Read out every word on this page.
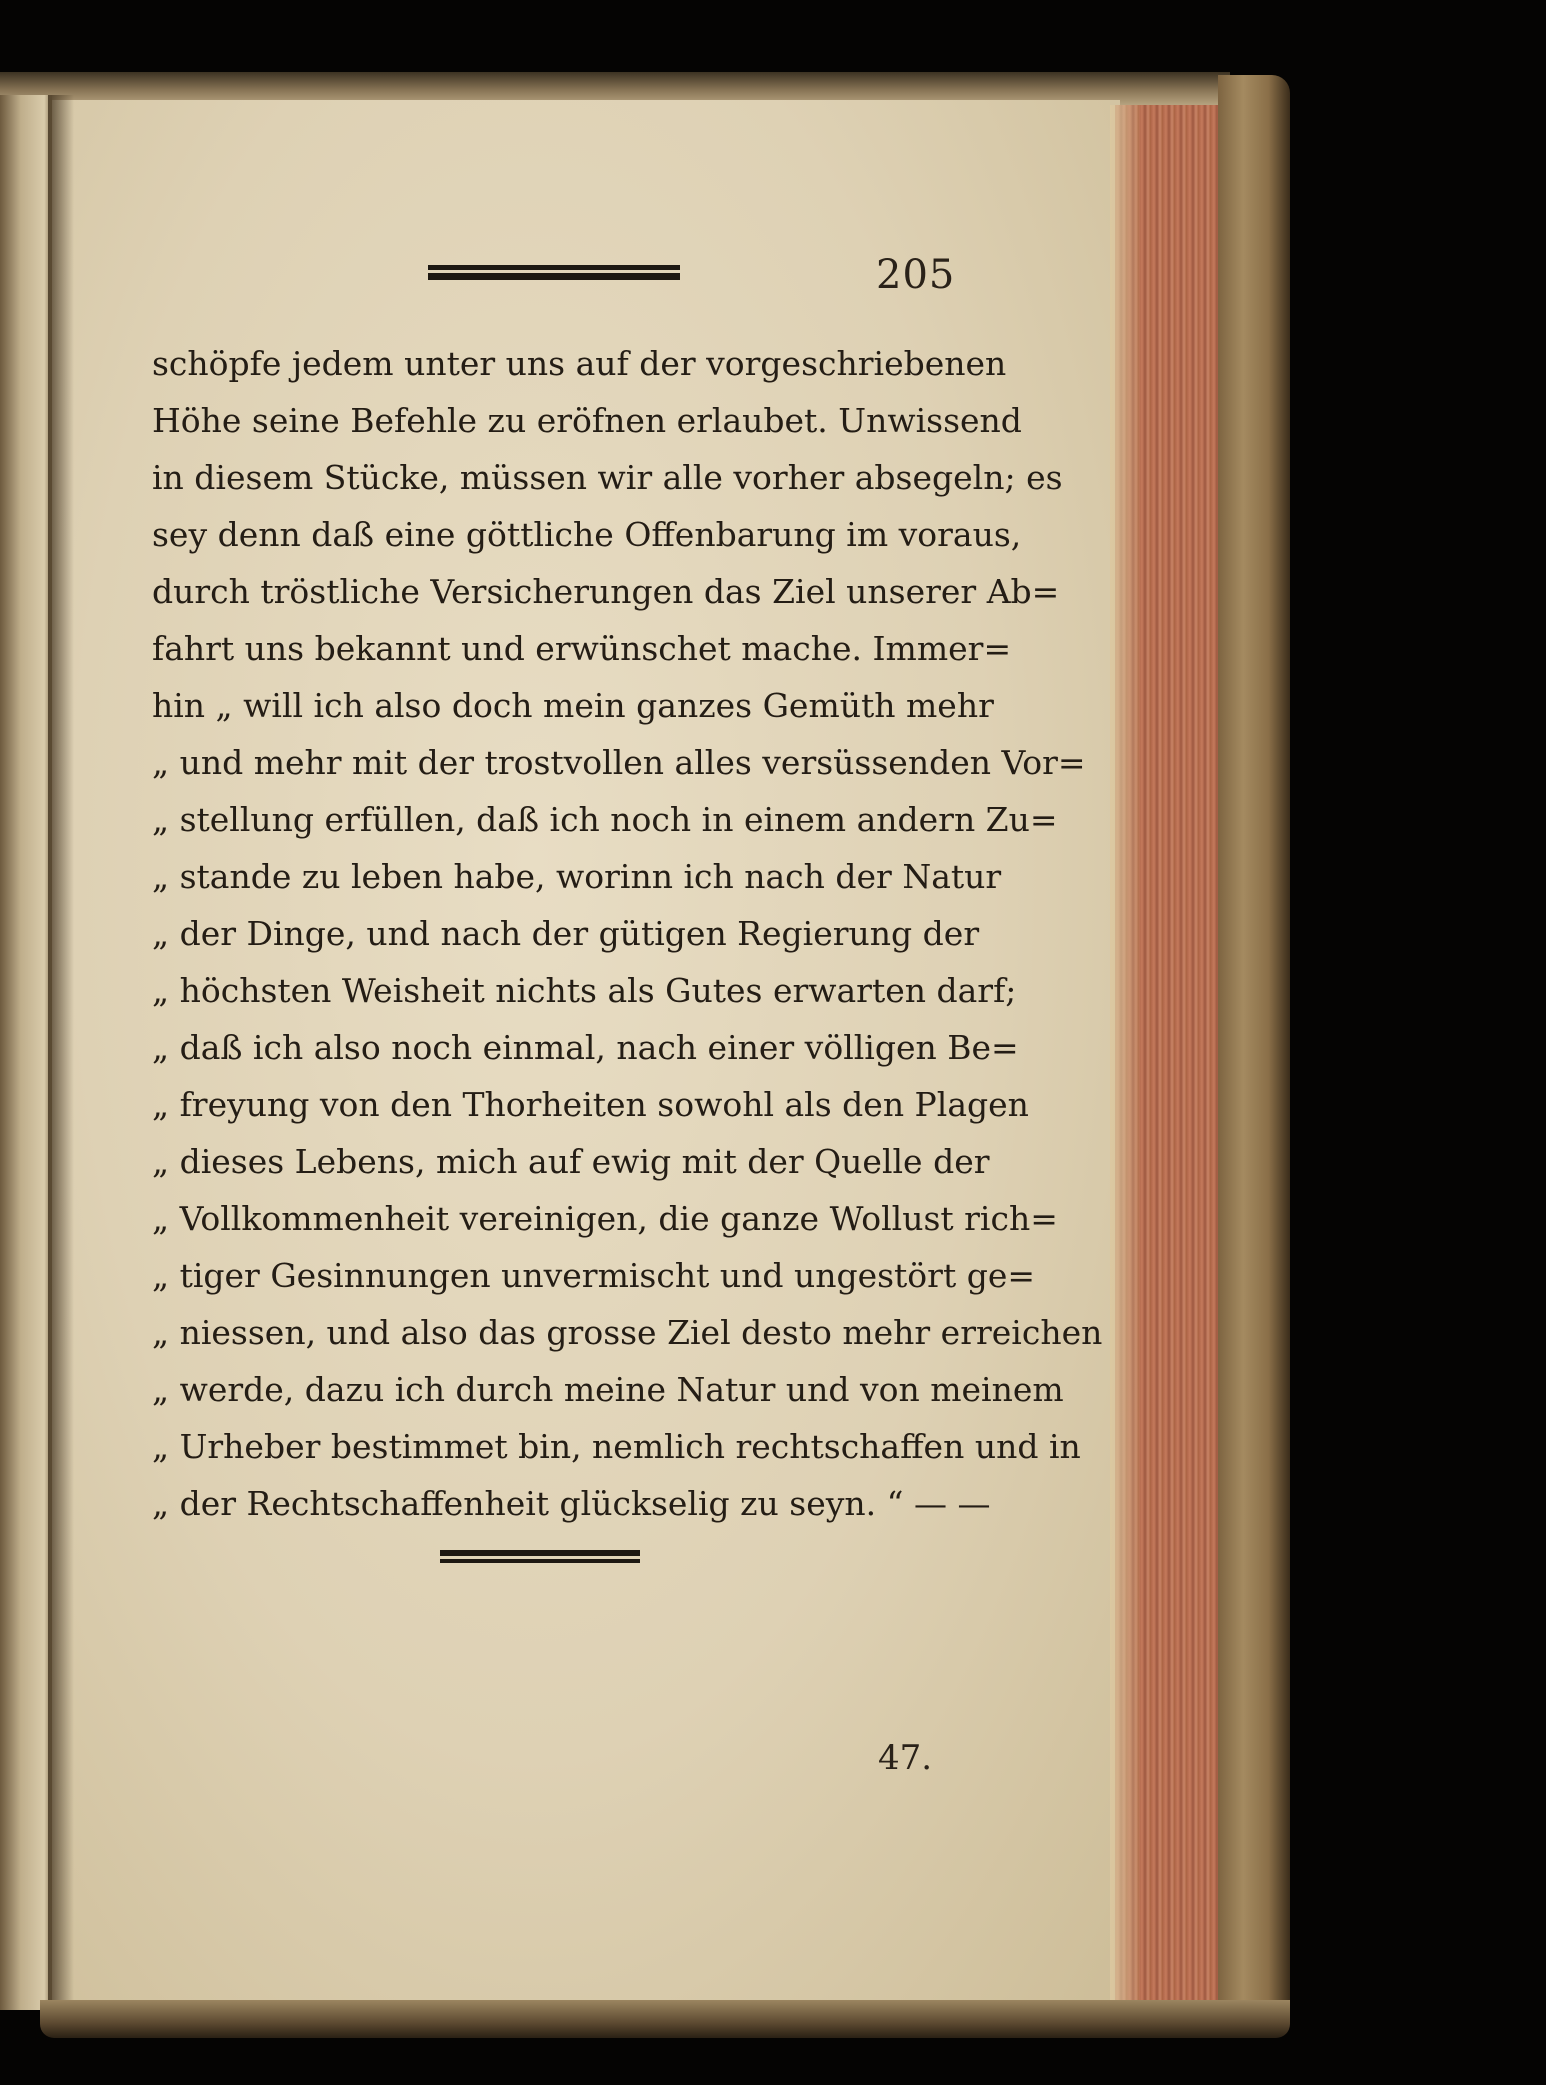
205
schöpfe jedem unter uns auf der vorgeschriebenen
Höhe seine Befehle zu eröfnen erlaubet. Unwissend
in diesem Stücke, müssen wir alle vorher absegeln; es
sey denn daß eine göttliche Offenbarung im voraus,
durch tröstliche Versicherungen das Ziel unserer Ab=
fahrt uns bekannt und erwünschet mache. Immer=
hin „ will ich also doch mein ganzes Gemüth mehr
„ und mehr mit der trostvollen alles versüssenden Vor=
„ stellung erfüllen, daß ich noch in einem andern Zu=
„ stande zu leben habe, worinn ich nach der Natur
„ der Dinge, und nach der gütigen Regierung der
„ höchsten Weisheit nichts als Gutes erwarten darf;
„ daß ich also noch einmal, nach einer völligen Be=
„ freyung von den Thorheiten sowohl als den Plagen
„ dieses Lebens, mich auf ewig mit der Quelle der
„ Vollkommenheit vereinigen, die ganze Wollust rich=
„ tiger Gesinnungen unvermischt und ungestört ge=
„ niessen, und also das grosse Ziel desto mehr erreichen
„ werde, dazu ich durch meine Natur und von meinem
„ Urheber bestimmet bin, nemlich rechtschaffen und in
„ der Rechtschaffenheit glückselig zu seyn. “ — —
47.
